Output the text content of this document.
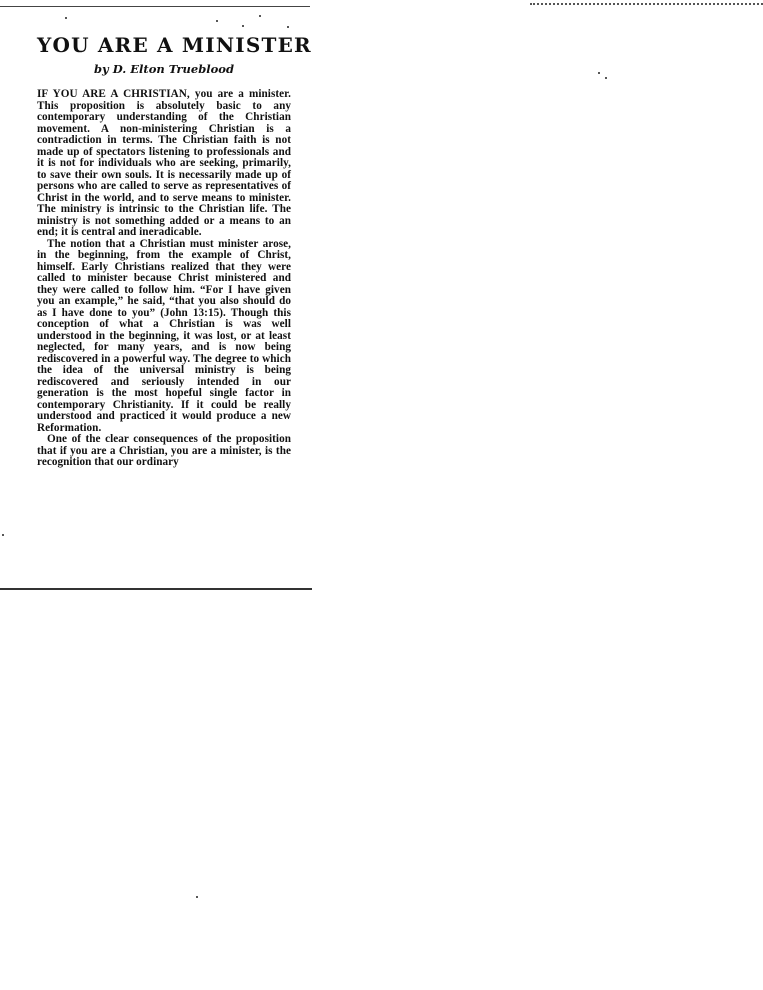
YOU ARE A MINISTER

by D. Elton Trueblood

IF YOU ARE A CHRISTIAN, you are a minister. This proposition is absolutely basic to any contemporary understanding of the Christian movement. A non-ministering Christian is a contradiction in terms. The Christian faith is not made up of spectators listening to professionals and it is not for individuals who are seeking, primarily, to save their own souls. It is necessarily made up of persons who are called to serve as representatives of Christ in the world, and to serve means to minister. The ministry is intrinsic to the Christian life. The ministry is not something added or a means to an end; it is central and ineradicable.

The notion that a Christian must minister arose, in the beginning, from the example of Christ, himself. Early Christians realized that they were called to minister because Christ ministered and they were called to follow him. “For I have given you an example,” he said, “that you also should do as I have done to you” (John 13:15). Though this conception of what a Christian is was well understood in the beginning, it was lost, or at least neglected, for many years, and is now being rediscovered in a powerful way. The degree to which the idea of the universal ministry is being rediscovered and seriously intended in our generation is the most hopeful single factor in contemporary Christianity. If it could be really understood and practiced it would produce a new Reformation.

One of the clear consequences of the proposition that if you are a Christian, you are a minister, is the recognition that our ordinary
